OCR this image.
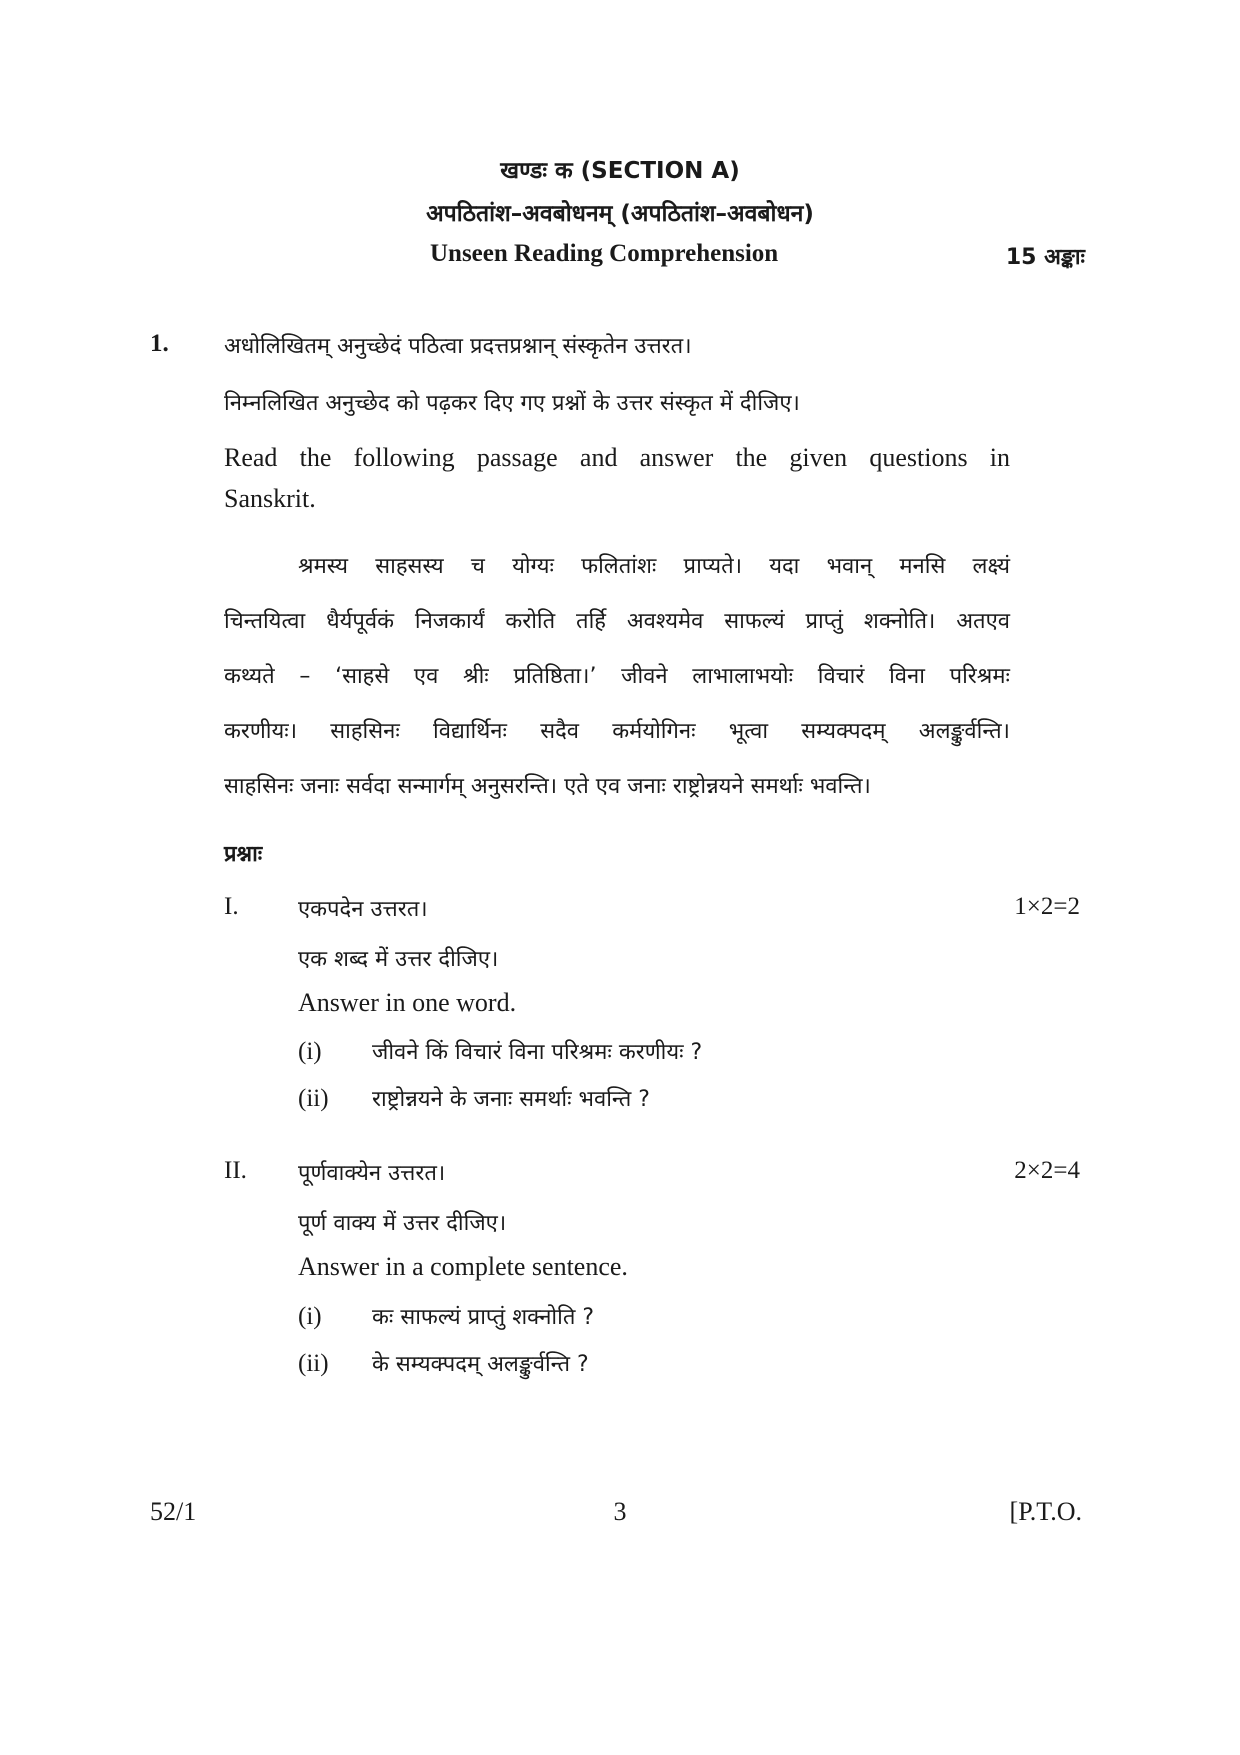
खण्डः क (SECTION A)
अपठितांश–अवबोधनम् (अपठितांश–अवबोधन)
Unseen Reading Comprehension	15 अङ्काः
1.	अधोलिखितम् अनुच्छेदं पठित्वा प्रदत्तप्रश्नान् संस्कृतेन उत्तरत।
निम्नलिखित अनुच्छेद को पढ़कर दिए गए प्रश्नों के उत्तर संस्कृत में दीजिए।
Read the following passage and answer the given questions in
Sanskrit.
श्रमस्य साहसस्य च योग्यः फलितांशः प्राप्यते। यदा भवान् मनसि लक्ष्यं
चिन्तयित्वा धैर्यपूर्वकं निजकार्यं करोति तर्हि अवश्यमेव साफल्यं प्राप्तुं शक्नोति। अतएव
कथ्यते – ‘साहसे एव श्रीः प्रतिष्ठिता।’ जीवने लाभालाभयोः विचारं विना परिश्रमः
करणीयः। साहसिनः विद्यार्थिनः सदैव कर्मयोगिनः भूत्वा सम्यक्पदम् अलङ्कुर्वन्ति।
साहसिनः जनाः सर्वदा सन्मार्गम् अनुसरन्ति। एते एव जनाः राष्ट्रोन्नयने समर्थाः भवन्ति।
प्रश्नाः
I.	एकपदेन उत्तरत।	1×2=2
एक शब्द में उत्तर दीजिए।
Answer in one word.
(i) जीवने किं विचारं विना परिश्रमः करणीयः ?
(ii) राष्ट्रोन्नयने के जनाः समर्थाः भवन्ति ?
II. पूर्णवाक्येन उत्तरत।	2×2=4
पूर्ण वाक्य में उत्तर दीजिए।
Answer in a complete sentence.
(i) कः साफल्यं प्राप्तुं शक्नोति ?
(ii) के सम्यक्पदम् अलङ्कुर्वन्ति ?
52/1	3	[P.T.O.
